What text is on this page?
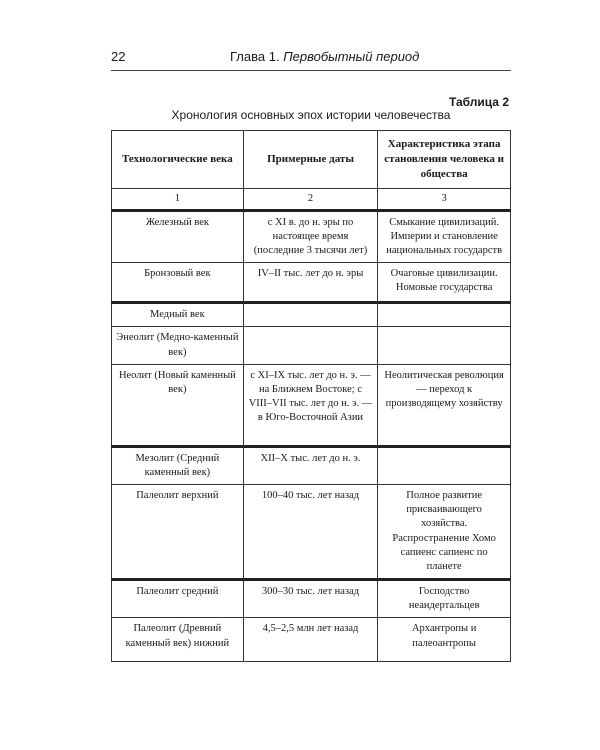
22	Глава 1. Первобытный период
Таблица 2
Хронология основных эпох истории человечества
Технологические века	Примерные даты	Характеристика этапа становления человека и общества
1	2	3
Железный век	с XI в. до н. эры по настоящее время (последние 3 тысячи лет)	Смыкание цивилизаций. Империи и становление национальных государств
Бронзовый век	IV–II тыс. лет до н. эры	Очаговые цивилизации. Номовые государства
Медный век		
Энеолит (Медно-каменный век)		
Неолит (Новый каменный век)	с XI–IX тыс. лет до н. э. — на Ближнем Востоке; с VIII–VII тыс. лет до н. э. — в Юго-Восточной Азии	Неолитическая революция — переход к производящему хозяйству
Мезолит (Средний каменный век)	XII–X тыс. лет до н. э.	
Палеолит верхний	100–40 тыс. лет назад	Полное развитие присваивающего хозяйства. Распространение Хомо сапиенс сапиенс по планете
Палеолит средний	300–30 тыс. лет назад	Господство неандертальцев
Палеолит (Древний каменный век) нижний	4,5–2,5 млн лет назад	Архантропы и палеоантропы
